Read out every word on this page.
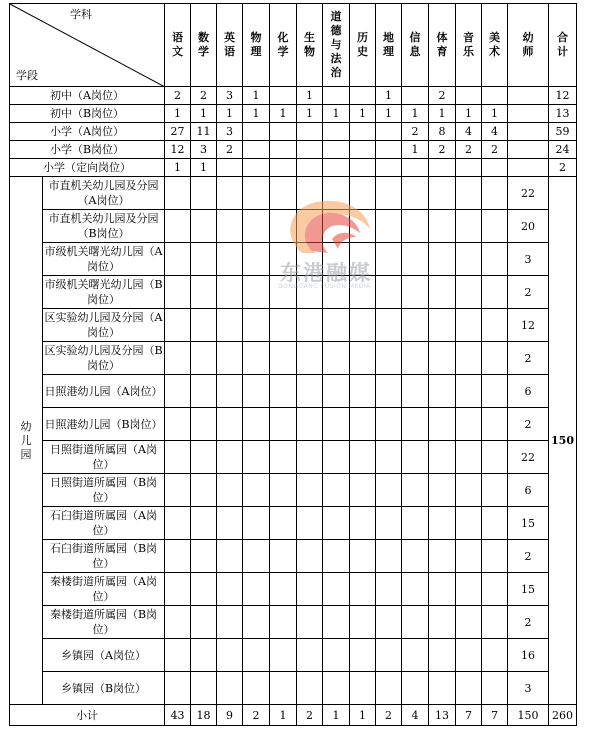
学科
学段		语文	数学	英语	物理	化学	生物	道德与法治	历史	地理	信息	体育	音乐	美术	幼师	合计
初中（A岗位）		2	2	3	1		1			1		2				12
初中（B岗位）		1	1	1	1	1	1	1	1	1	1	1	1	1		13
小学（A岗位）		27	11	3							2	8	4	4		59
小学（B岗位）		12	3	2							1	2	2	2		24
小学（定向岗位）		1	1													2
幼儿园	市直机关幼儿园及分园（A岗位）														22	150
	市直机关幼儿园及分园（B岗位）														20	
	市级机关曙光幼儿园（A岗位）														3	
	市级机关曙光幼儿园（B岗位）														2	
	区实验幼儿园及分园（A岗位）														12	
	区实验幼儿园及分园（B岗位）														2	
	日照港幼儿园（A岗位）														6	
	日照港幼儿园（B岗位）														2	
	日照街道所属园（A岗位）														22	
	日照街道所属园（B岗位）														6	
	石臼街道所属园（A岗位）														15	
	石臼街道所属园（B岗位）														2	
	秦楼街道所属园（A岗位）														15	
	秦楼街道所属园（B岗位）														2	
	乡镇园（A岗位）														16	
	乡镇园（B岗位）														3	
小计		43	18	9	2	1	2	1	1	2	4	13	7	7	150	260
东港融媒
DONGGANG FUSION MEDIA
